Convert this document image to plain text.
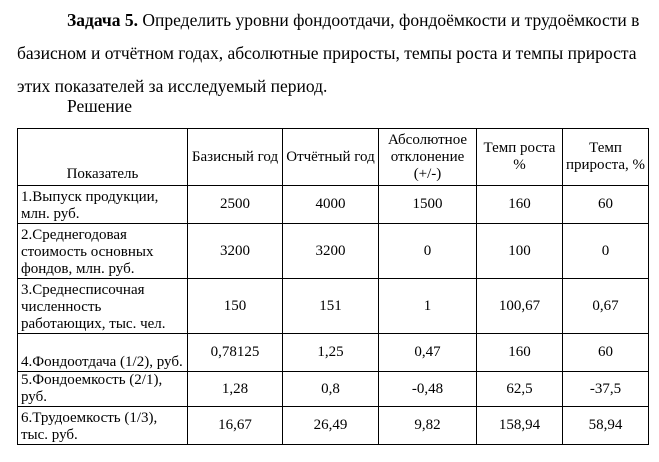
Задача 5. Определить уровни фондоотдачи, фондоёмкости и трудоёмкости в базисном и отчётном годах, абсолютные приросты, темпы роста и темпы прироста этих показателей за исследуемый период.

Решение

Показатель	Базисный год	Отчётный год	Абсолютное отклонение (+/-)	Темп роста %	Темп прироста, %
1.Выпуск продукции, млн. руб.	2500	4000	1500	160	60
2.Среднегодовая стоимость основных фондов, млн. руб.	3200	3200	0	100	0
3.Среднесписочная численность работающих, тыс. чел.	150	151	1	100,67	0,67
4.Фондоотдача (1/2), руб.	0,78125	1,25	0,47	160	60
5.Фондоемкость (2/1), руб.	1,28	0,8	-0,48	62,5	-37,5
6.Трудоемкость (1/3), тыс. руб.	16,67	26,49	9,82	158,94	58,94
